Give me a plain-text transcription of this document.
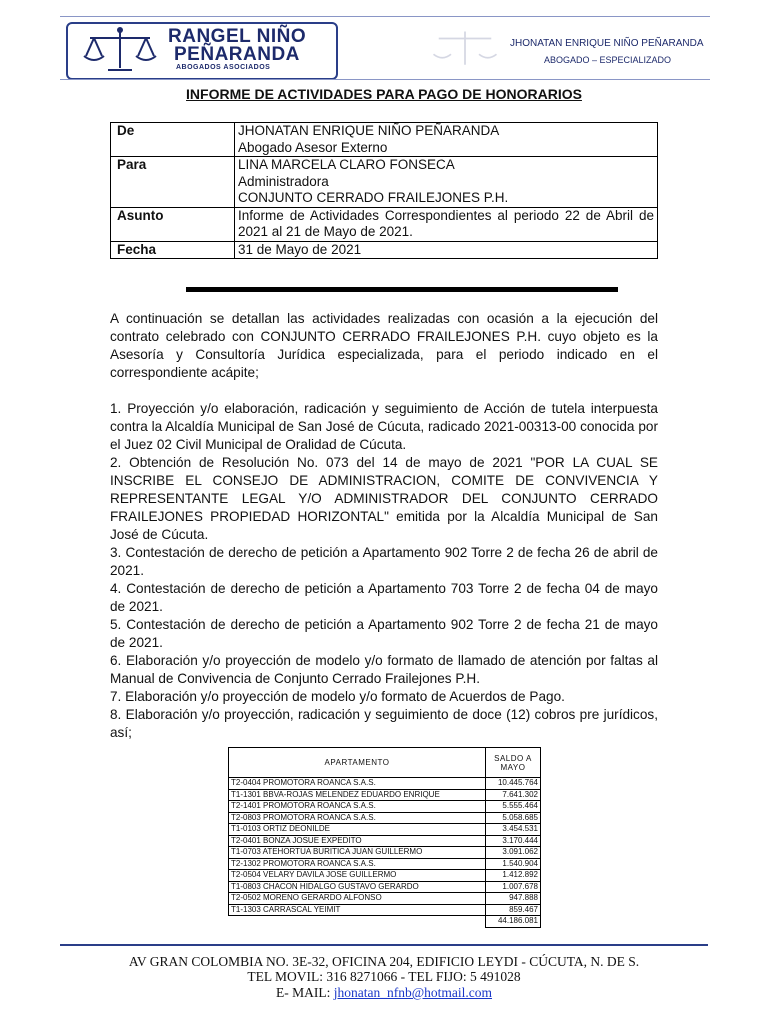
RANGEL NIÑO
PEÑARANDA
ABOGADOS ASOCIADOS
JHONATAN ENRIQUE NIÑO PEÑARANDA
ABOGADO – ESPECIALIZADO
INFORME DE ACTIVIDADES PARA PAGO DE HONORARIOS
De	JHONATAN ENRIQUE NIÑO PEÑARANDA
Abogado Asesor Externo

Para	LINA MARCELA CLARO FONSECA
Administradora
CONJUNTO CERRADO FRAILEJONES P.H.

Asunto	Informe de Actividades Correspondientes al periodo 22 de Abril de 2021 al 21 de Mayo de 2021.
Fecha	31 de Mayo de 2021

A continuación se detallan las actividades realizadas con ocasión a la ejecución del contrato celebrado con CONJUNTO CERRADO FRAILEJONES P.H. cuyo objeto es la Asesoría y Consultoría Jurídica especializada, para el periodo indicado en el correspondiente acápite;

1. Proyección y/o elaboración, radicación y seguimiento de Acción de tutela interpuesta contra la Alcaldía Municipal de San José de Cúcuta, radicado 2021-00313-00 conocida por el Juez 02 Civil Municipal de Oralidad de Cúcuta.

2. Obtención de Resolución No. 073 del 14 de mayo de 2021 "POR LA CUAL SE INSCRIBE EL CONSEJO DE ADMINISTRACION, COMITE DE CONVIVENCIA Y REPRESENTANTE LEGAL Y/O ADMINISTRADOR DEL CONJUNTO CERRADO FRAILEJONES PROPIEDAD HORIZONTAL" emitida por la Alcaldía Municipal de San José de Cúcuta.

3. Contestación de derecho de petición a Apartamento 902 Torre 2 de fecha 26 de abril de 2021.

4. Contestación de derecho de petición a Apartamento 703 Torre 2 de fecha 04 de mayo de 2021.

5. Contestación de derecho de petición a Apartamento 902 Torre 2 de fecha 21 de mayo de 2021.

6. Elaboración y/o proyección de modelo y/o formato de llamado de atención por faltas al Manual de Convivencia de Conjunto Cerrado Frailejones P.H.

7. Elaboración y/o proyección de modelo y/o formato de Acuerdos de Pago.

8. Elaboración y/o proyección, radicación y seguimiento de doce (12) cobros pre jurídicos, así;

APARTAMENTO	SALDO A
MAYO

T2-0404 PROMOTORA ROANCA S.A.S.	10.445.764
T1-1301 BBVA-ROJAS MELENDEZ EDUARDO ENRIQUE	7.641.302
T2-1401 PROMOTORA ROANCA S.A.S.	5.555.464
T2-0803 PROMOTORA ROANCA S.A.S.	5.058.685
T1-0103 ORTIZ DEONILDE	3.454.531
T2-0401 BONZA JOSUE EXPEDITO	3.170.444
T1-0703 ATEHORTUA BURITICA JUAN GUILLERMO	3.091.062
T2-1302 PROMOTORA ROANCA S.A.S.	1.540.904
T2-0504 VELARY DAVILA JOSE GUILLERMO	1.412.892
T1-0803 CHACON HIDALGO GUSTAVO GERARDO	1.007.678
T2-0502 MORENO GERARDO ALFONSO	947.888
T1-1303 CARRASCAL YEIMIT	859.467
	44.186.081
AV GRAN COLOMBIA NO. 3E-32, OFICINA 204, EDIFICIO LEYDI - CÚCUTA, N. DE S.
TEL MOVIL: 316 8271066 - TEL FIJO: 5 491028
E- MAIL: jhonatan_nfnb@hotmail.com
